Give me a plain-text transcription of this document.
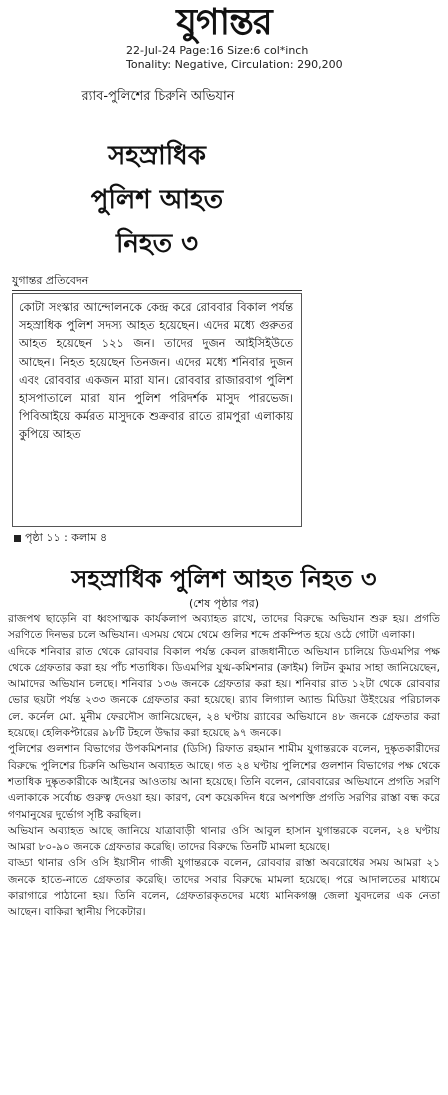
যুগান্তর
22-Jul-24 Page:16 Size:6 col*inch
Tonality: Negative, Circulation: 290,200
র‌্যাব-পুলিশের চিরুনি অভিযান
সহস্রাধিক
পুলিশ আহত
নিহত ৩
যুগান্তর প্রতিবেদন
কোটা সংস্কার আন্দোলনকে কেন্দ্র করে রোববার বিকাল পর্যন্ত সহস্রাধিক পুলিশ সদস্য আহত হয়েছেন। এদের মধ্যে গুরুতর আহত হয়েছেন ১২১ জন। তাদের দুজন আইসিইউতে আছেন। নিহত হয়েছেন তিনজন। এদের মধ্যে শনিবার দুজন এবং রোববার একজন মারা যান। রোববার রাজারবাগ পুলিশ হাসপাতালে মারা যান পুলিশ পরিদর্শক মাসুদ পারভেজ। পিবিআইয়ে কর্মরত মাসুদকে শুক্রবার রাতে রামপুরা এলাকায় কুপিয়ে আহত
পৃষ্ঠা ১১ : কলাম ৪
সহস্রাধিক পুলিশ আহত নিহত ৩
(শেষ পৃষ্ঠার পর)

রাজপথ ছাড়েনি বা ধ্বংসাত্মক কার্যকলাপ অব্যাহত রাখে, তাদের বিরুদ্ধে অভিযান শুরু হয়। প্রগতি সরণিতে দিনভর চলে অভিযান। এসময় থেমে থেমে গুলির শব্দে প্রকম্পিত হয়ে ওঠে গোটা এলাকা।

এদিকে শনিবার রাত থেকে রোববার বিকাল পর্যন্ত কেবল রাজধানীতে অভিযান চালিয়ে ডিএমপির পক্ষ থেকে গ্রেফতার করা হয় পাঁচ শতাধিক। ডিএমপির যুগ্ম-কমিশনার (ক্রাইম) লিটন কুমার সাহা জানিয়েছেন, আমাদের অভিযান চলছে। শনিবার ১৩৬ জনকে গ্রেফতার করা হয়। শনিবার রাত ১২টা থেকে রোববার ভোর ছয়টা পর্যন্ত ২৩৩ জনকে গ্রেফতার করা হয়েছে। র‌্যাব লিগ্যাল অ্যান্ড মিডিয়া উইংয়ের পরিচালক লে. কর্নেল মো. মুনীম ফেরদৌস জানিয়েছেন, ২৪ ঘণ্টায় র‌্যাবের অভিযানে ৪৮ জনকে গ্রেফতার করা হয়েছে। হেলিকপ্টারের ৯৮টি টহলে উদ্ধার করা হয়েছে ৯৭ জনকে।

পুলিশের গুলশান বিভাগের উপকমিশনার (ডিসি) রিফাত রহমান শামীম যুগান্তরকে বলেন, দুষ্কৃতকারীদের বিরুদ্ধে পুলিশের চিরুনি অভিযান অব্যাহত আছে। গত ২৪ ঘণ্টায় পুলিশের গুলশান বিভাগের পক্ষ থেকে শতাধিক দুষ্কৃতকারীকে আইনের আওতায় আনা হয়েছে। তিনি বলেন, রোববারের অভিযানে প্রগতি সরণি এলাকাকে সর্বোচ্চ গুরুত্ব দেওয়া হয়। কারণ, বেশ কয়েকদিন ধরে অপশক্তি প্রগতি সরণির রাস্তা বন্ধ করে গণমানুষের দুর্ভোগ সৃষ্টি করছিল।

অভিযান অব্যাহত আছে জানিয়ে যাত্রাবাড়ী থানার ওসি আবুল হাসান যুগান্তরকে বলেন, ২৪ ঘণ্টায় আমরা ৮০-৯০ জনকে গ্রেফতার করেছি। তাদের বিরুদ্ধে তিনটি মামলা হয়েছে।

বাড্ডা থানার ওসি ওসি ইয়াসীন গাজী যুগান্তরকে বলেন, রোববার রাস্তা অবরোধের সময় আমরা ২১ জনকে হাতে-নাতে গ্রেফতার করেছি। তাদের সবার বিরুদ্ধে মামলা হয়েছে। পরে আদালতের মাধ্যমে কারাগারে পাঠানো হয়। তিনি বলেন, গ্রেফতারকৃতদের মধ্যে মানিকগঞ্জ জেলা যুবদলের এক নেতা আছেন। বাকিরা স্থানীয় পিকেটার।
